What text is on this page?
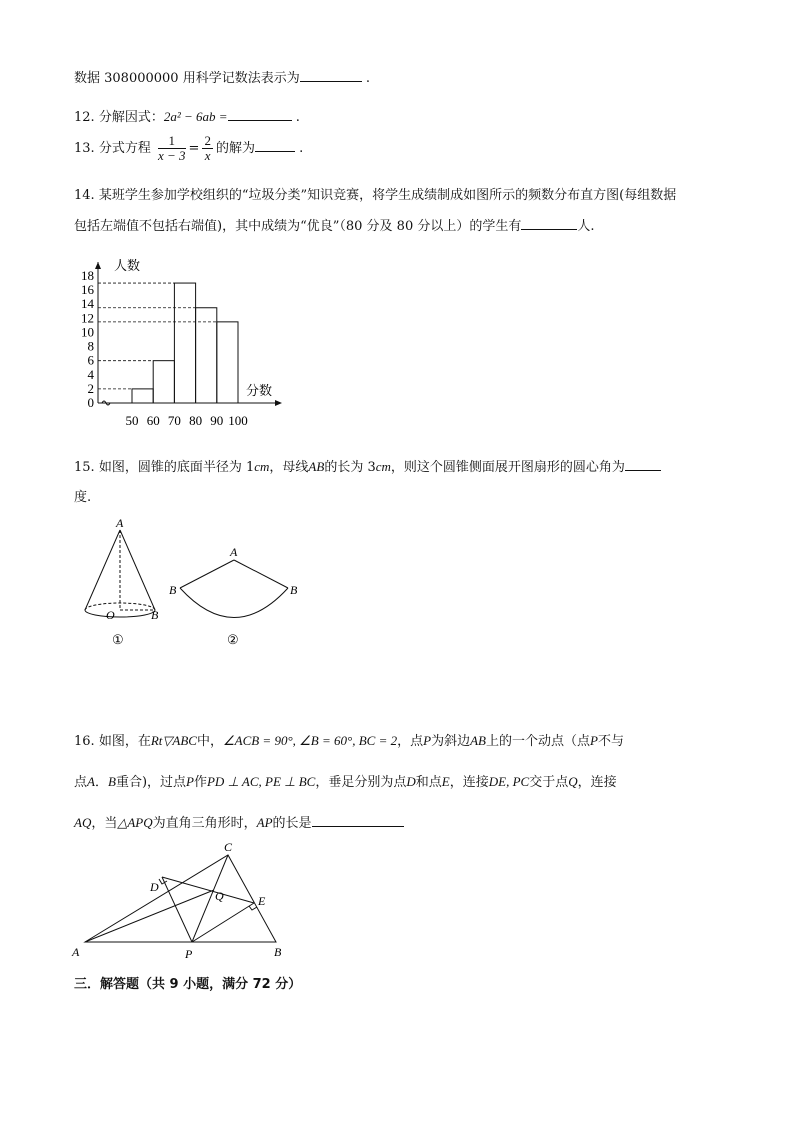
数据 308000000 用科学记数法表示为	.
12. 分解因式：2a² − 6ab =	.
13. 分式方程 $\frac{1}{x - 3} = \frac{2}{x}$ 的解为	.
14. 某班学生参加学校组织的“垃圾分类”知识竞赛，将学生成绩制成如图所示的频数分布直方图(每组数据
包括左端值不包括右端值)，其中成绩为“优良”（80 分及 80 分以上）的学生有	人.
0
2
4
6
8
10
12
14
16
18
50 60 70 80 90 100
人数
分数
15. 如图，圆锥的底面半径为 1cm，母线AB的长为 3cm，则这个圆锥侧面展开图扇形的圆心角为
度.
A
O	B
①
A
B	B
②
16. 如图，在Rt▽ABC中，∠ACB = 90°, ∠B = 60°, BC = 2，点P为斜边AB上的一个动点（点P不与
点A．B重合)，过点P作PD ⊥ AC, PE ⊥ BC，垂足分别为点D和点E，连接DE, PC交于点Q，连接
AQ，当△APQ为直角三角形时，AP的长是
A	B
C
D
E
P
Q
三．解答题（共 9 小题，满分 72 分）
